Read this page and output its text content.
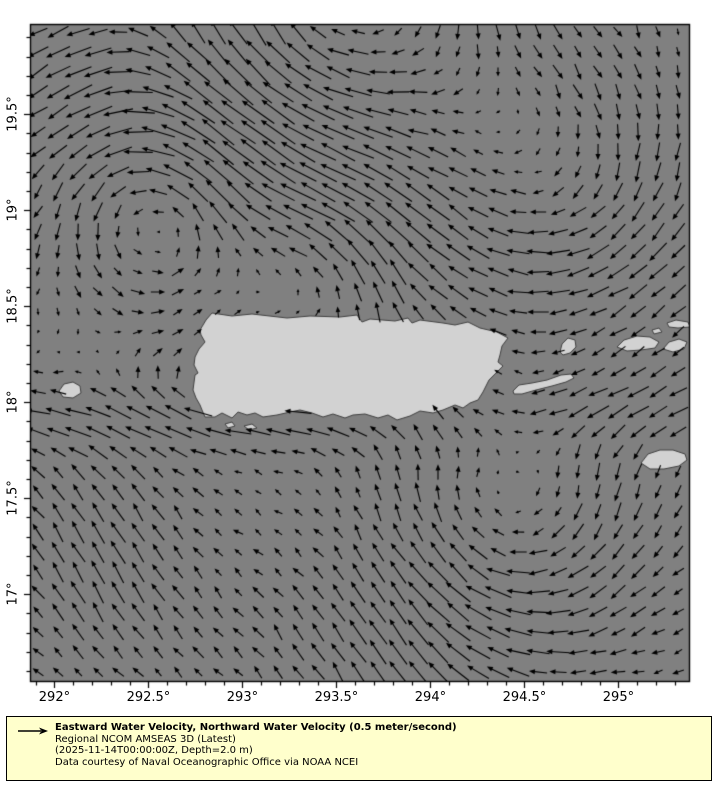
292°	292.5°	293°	293.5°	294°	294.5°	295°
19.5°
19°
18.5°
18°
17.5°
17°
Eastward Water Velocity, Northward Water Velocity (0.5 meter/second)
Regional NCOM AMSEAS 3D (Latest)
(2025-11-14T00:00:00Z, Depth=2.0 m)
Data courtesy of Naval Oceanographic Office via NOAA NCEI
